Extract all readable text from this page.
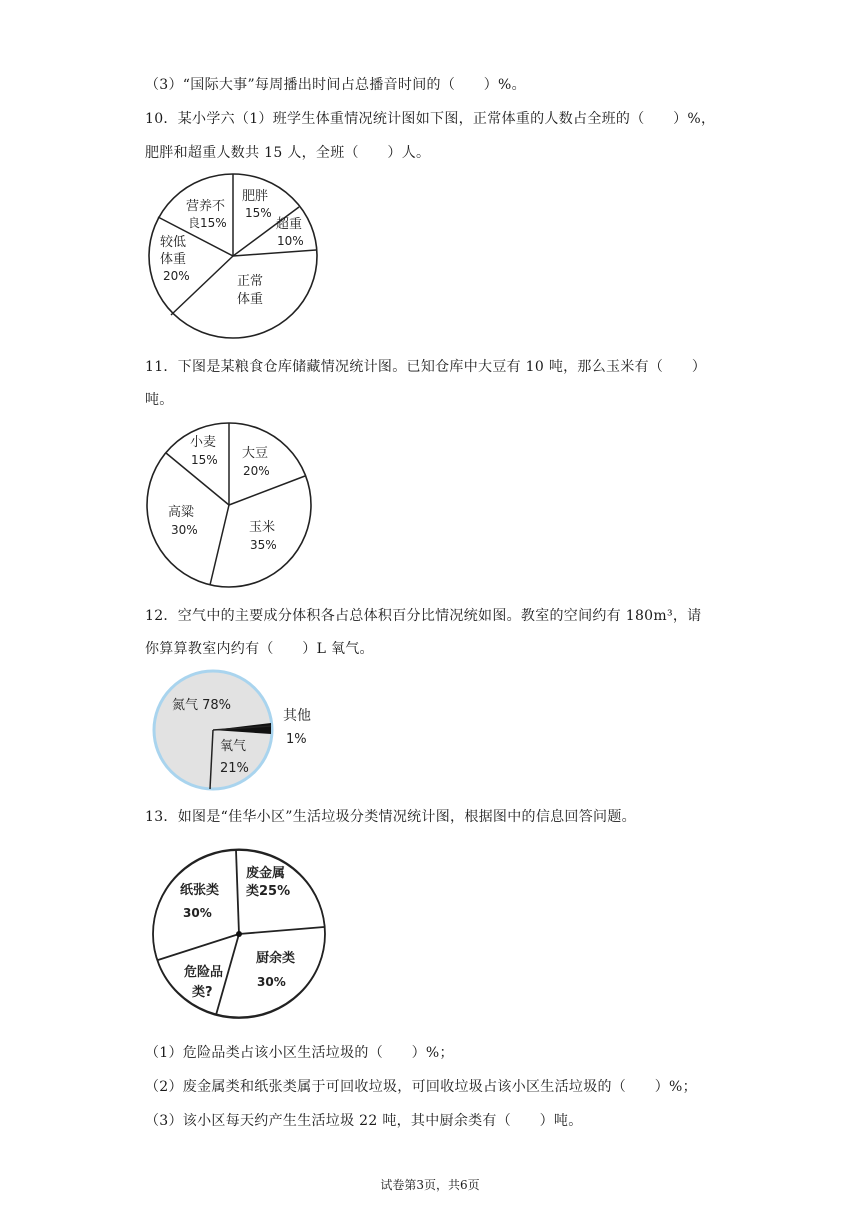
（3）“国际大事”每周播出时间占总播音时间的（　　）%。
10．某小学六（1）班学生体重情况统计图如下图，正常体重的人数占全班的（　　）%，
肥胖和超重人数共 15 人，全班（　　）人。
肥胖
15%
超重
10%
正常
体重
较低
体重
20%
营养不
良15%
11．下图是某粮食仓库储藏情况统计图。已知仓库中大豆有 10 吨，那么玉米有（　　）
吨。
大豆
20%
玉米
35%
高粱
30%
小麦
15%
12．空气中的主要成分体积各占总体积百分比情况统如图。教室的空间约有 180m³，请
你算算教室内约有（　　）L 氧气。
氮气 78%
其他
1%
氧气
21%
13．如图是“佳华小区”生活垃圾分类情况统计图，根据图中的信息回答问题。
废金属
类25%
厨余类
30%
危险品
类?
纸张类
30%
（1）危险品类占该小区生活垃圾的（　　）%；
（2）废金属类和纸张类属于可回收垃圾，可回收垃圾占该小区生活垃圾的（　　）%；
（3）该小区每天约产生生活垃圾 22 吨，其中厨余类有（　　）吨。
试卷第3页，共6页
